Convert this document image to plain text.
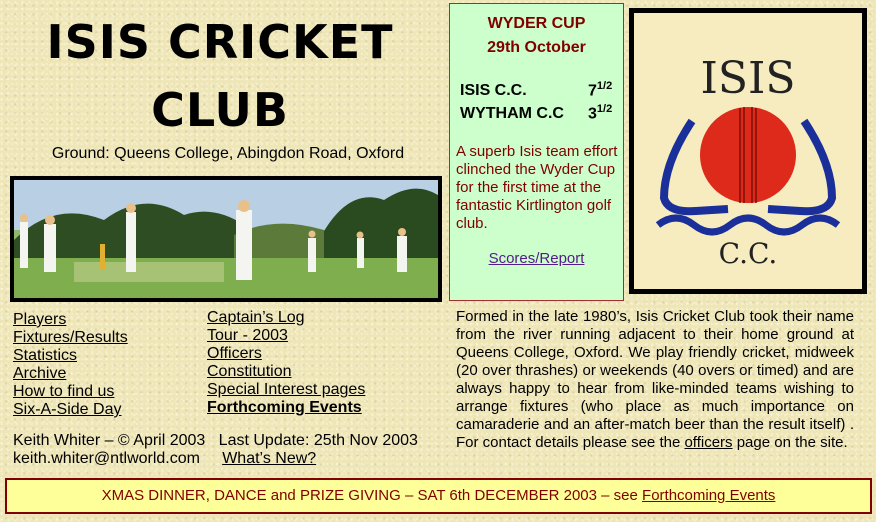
ISIS CRICKET
CLUB
Ground: Queens College, Abingdon Road, Oxford
Players
Fixtures/Results
Statistics
Archive
How to find us
Six-A-Side Day
Captain’s Log
Tour - 2003
Officers
Constitution
Special Interest pages
Forthcoming Events
Keith Whiter – © April 2003 Last Update: 25th Nov 2003
keith.whiter@ntlworld.com What’s New?
WYDER CUP
29th October
ISIS C.C.	$7^{1/2}$
WYTHAM C.C $3^{1/2}$
A superb Isis team effort clinched the Wyder Cup for the first time at the fantastic Kirtlington golf club.
Scores/Report
ISIS
C.C.
Formed in the late 1980’s, Isis Cricket Club took their name from the river running adjacent to their home ground at Queens College, Oxford. We play friendly cricket, midweek (20 over thrashes) or weekends (40 overs or timed) and are always happy to hear from like-minded teams wishing to arrange fixtures (who place as much importance on camaraderie and an after-match beer than the result itself) . For contact details please see the officers page on the site.
XMAS DINNER, DANCE and PRIZE GIVING – SAT 6th DECEMBER 2003 – see Forthcoming Events
